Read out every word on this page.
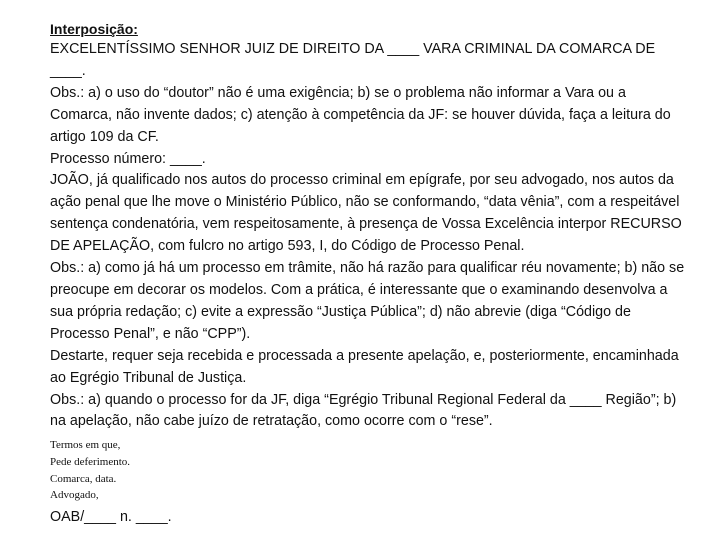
Interposição:

EXCELENTÍSSIMO SENHOR JUIZ DE DIREITO DA ____ VARA CRIMINAL DA COMARCA DE ____.

Obs.: a) o uso do “doutor” não é uma exigência; b) se o problema não informar a Vara ou a Comarca, não invente dados; c) atenção à competência da JF: se houver dúvida, faça a leitura do artigo 109 da CF.

Processo número: ____.

JOÃO, já qualificado nos autos do processo criminal em epígrafe, por seu advogado, nos autos da ação penal que lhe move o Ministério Público, não se conformando, “data vênia”, com a respeitável sentença condenatória, vem respeitosamente, à presença de Vossa Excelência interpor RECURSO DE APELAÇÃO, com fulcro no artigo 593, I, do Código de Processo Penal.

Obs.: a) como já há um processo em trâmite, não há razão para qualificar réu novamente; b) não se preocupe em decorar os modelos. Com a prática, é interessante que o examinando desenvolva a sua própria redação; c) evite a expressão “Justiça Pública”; d) não abrevie (diga “Código de Processo Penal”, e não “CPP”).

Destarte, requer seja recebida e processada a presente apelação, e, posteriormente, encaminhada ao Egrégio Tribunal de Justiça.

Obs.: a) quando o processo for da JF, diga “Egrégio Tribunal Regional Federal da ____ Região”; b) na apelação, não cabe juízo de retratação, como ocorre com o “rese”.

Termos em que,

Pede deferimento.

Comarca, data.

Advogado,

OAB/____ n. ____.
